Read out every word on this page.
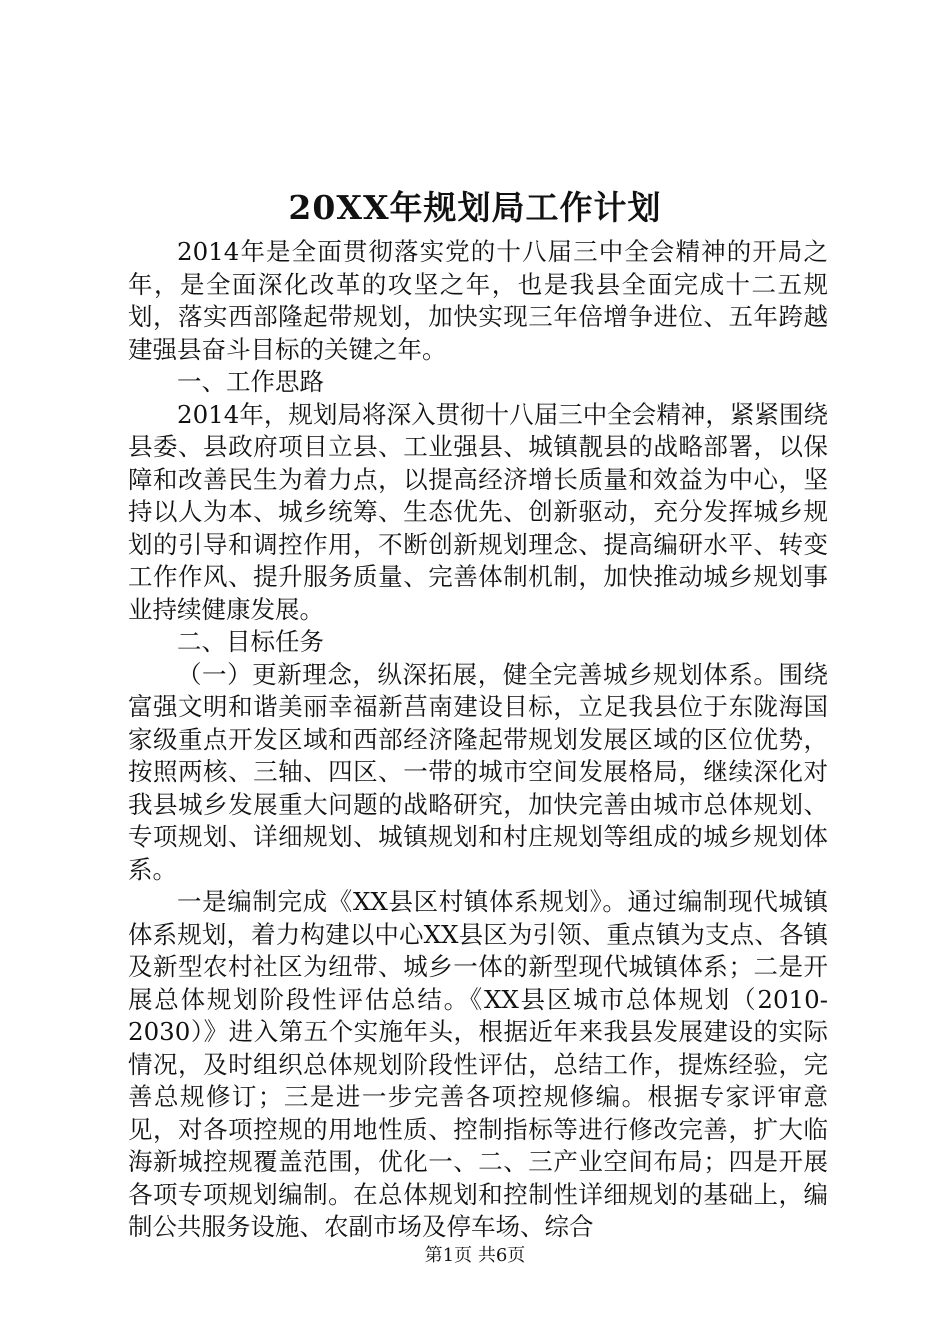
20XX年规划局工作计划

2014年是全面贯彻落实党的十八届三中全会精神的开局之年，是全面深化改革的攻坚之年，也是我县全面完成十二五规划，落实西部隆起带规划，加快实现三年倍增争进位、五年跨越建强县奋斗目标的关键之年。

一、工作思路

2014年，规划局将深入贯彻十八届三中全会精神，紧紧围绕县委、县政府项目立县、工业强县、城镇靓县的战略部署，以保障和改善民生为着力点，以提高经济增长质量和效益为中心，坚持以人为本、城乡统筹、生态优先、创新驱动，充分发挥城乡规划的引导和调控作用，不断创新规划理念、提高编研水平、转变工作作风、提升服务质量、完善体制机制，加快推动城乡规划事业持续健康发展。

二、目标任务

（一）更新理念，纵深拓展，健全完善城乡规划体系。围绕富强文明和谐美丽幸福新莒南建设目标，立足我县位于东陇海国家级重点开发区域和西部经济隆起带规划发展区域的区位优势，按照两核、三轴、四区、一带的城市空间发展格局，继续深化对我县城乡发展重大问题的战略研究，加快完善由城市总体规划、专项规划、详细规划、城镇规划和村庄规划等组成的城乡规划体系。

一是编制完成《XX县区村镇体系规划》。通过编制现代城镇体系规划，着力构建以中心XX县区为引领、重点镇为支点、各镇及新型农村社区为纽带、城乡一体的新型现代城镇体系；二是开展总体规划阶段性评估总结。《XX县区城市总体规划（2010-2030）》进入第五个实施年头，根据近年来我县发展建设的实际情况，及时组织总体规划阶段性评估，总结工作，提炼经验，完善总规修订；三是进一步完善各项控规修编。根据专家评审意见，对各项控规的用地性质、控制指标等进行修改完善，扩大临海新城控规覆盖范围，优化一、二、三产业空间布局；四是开展各项专项规划编制。在总体规划和控制性详细规划的基础上，编制公共服务设施、农副市场及停车场、综合

第1页 共6页
